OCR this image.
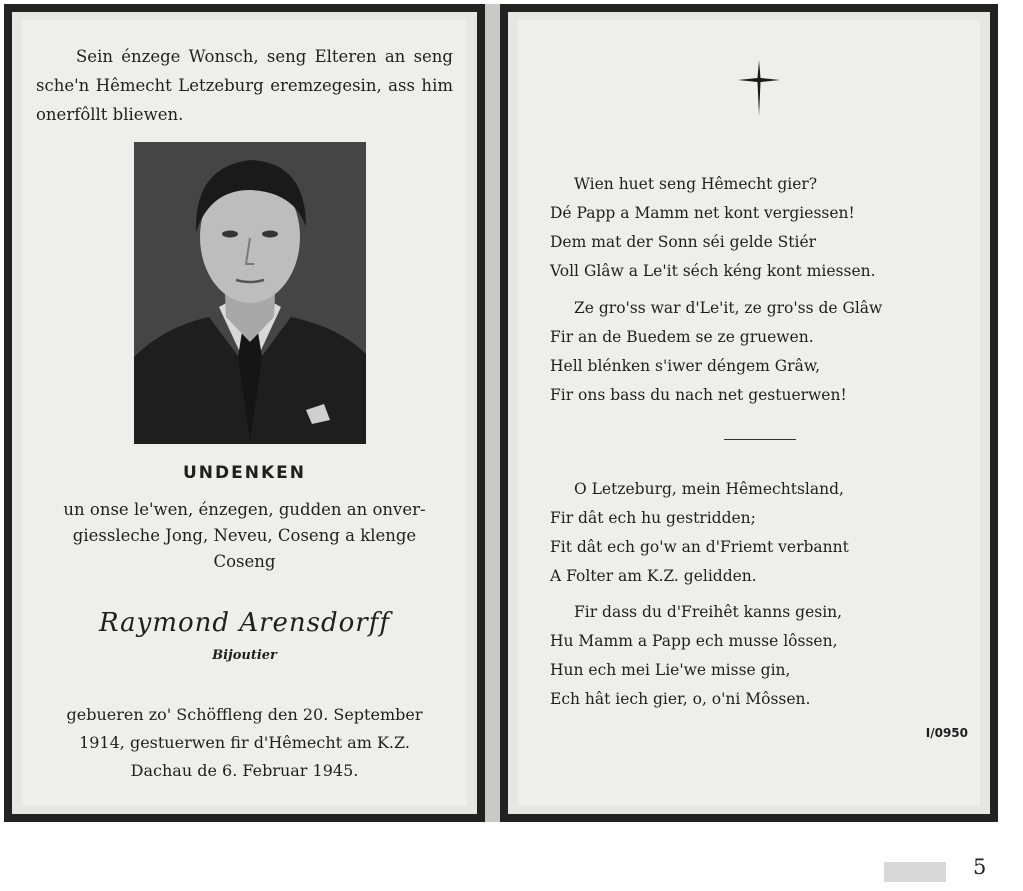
Sein énzege Wonsch, seng Elteren an seng sche'n Hêmecht Letzeburg eremzegesin, ass him onerfôllt bliewen.

UNDENKEN
un onse le'wen, énzegen, gudden an onver-
giessleche Jong, Neveu, Coseng a klenge
Coseng
Raymond Arensdorff
Bijoutier
gebueren zo' Schöffleng den 20. September
1914, gestuerwen fir d'Hêmecht am K.Z.
Dachau de 6. Februar 1945.
Wien huet seng Hêmecht gier?
Dé Papp a Mamm net kont vergiessen!
Dem mat der Sonn séi gelde Stiér
Voll Glâw a Le'it séch kéng kont miessen.
Ze gro'ss war d'Le'it, ze gro'ss de Glâw
Fir an de Buedem se ze gruewen.
Hell blénken s'iwer déngem Grâw,
Fir ons bass du nach net gestuerwen!
O Letzeburg, mein Hêmechtsland,
Fir dât ech hu gestridden;
Fit dât ech go'w an d'Friemt verbannt
A Folter am K.Z. gelidden.
Fir dass du d'Freihêt kanns gesin,
Hu Mamm a Papp ech musse lôssen,
Hun ech mei Lie'we misse gin,
Ech hât iech gier, o, o'ni Môssen.
I/0950
5
